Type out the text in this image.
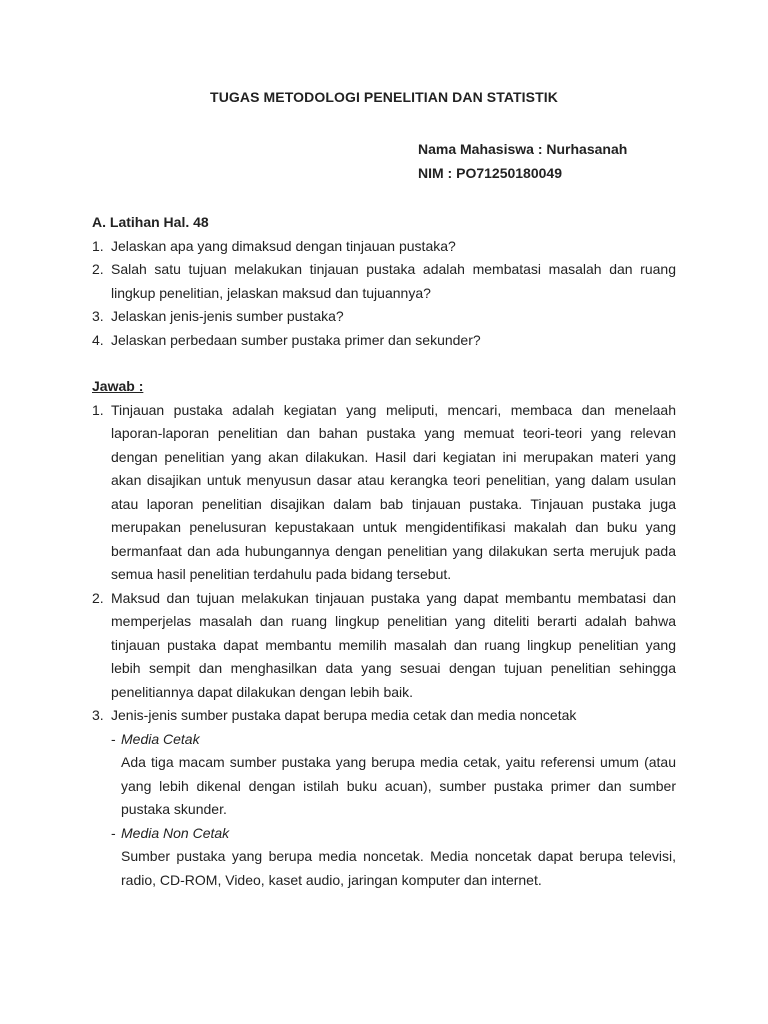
TUGAS METODOLOGI PENELITIAN DAN STATISTIK
Nama Mahasiswa : Nurhasanah
NIM : PO71250180049
A. Latihan Hal. 48
1. Jelaskan apa yang dimaksud dengan tinjauan pustaka?
2. Salah satu tujuan melakukan tinjauan pustaka adalah membatasi masalah dan ruang lingkup penelitian, jelaskan maksud dan tujuannya?
3. Jelaskan jenis-jenis sumber pustaka?
4. Jelaskan perbedaan sumber pustaka primer dan sekunder?
Jawab :
1. Tinjauan pustaka adalah kegiatan yang meliputi, mencari, membaca dan menelaah laporan-laporan penelitian dan bahan pustaka yang memuat teori-teori yang relevan dengan penelitian yang akan dilakukan. Hasil dari kegiatan ini merupakan materi yang akan disajikan untuk menyusun dasar atau kerangka teori penelitian, yang dalam usulan atau laporan penelitian disajikan dalam bab tinjauan pustaka. Tinjauan pustaka juga merupakan penelusuran kepustakaan untuk mengidentifikasi makalah dan buku yang bermanfaat dan ada hubungannya dengan penelitian yang dilakukan serta merujuk pada semua hasil penelitian terdahulu pada bidang tersebut.
2. Maksud dan tujuan melakukan tinjauan pustaka yang dapat membantu membatasi dan memperjelas masalah dan ruang lingkup penelitian yang diteliti berarti adalah bahwa tinjauan pustaka dapat membantu memilih masalah dan ruang lingkup penelitian yang lebih sempit dan menghasilkan data yang sesuai dengan tujuan penelitian sehingga penelitiannya dapat dilakukan dengan lebih baik.
3. Jenis-jenis sumber pustaka dapat berupa media cetak dan media noncetak
- Media Cetak
Ada tiga macam sumber pustaka yang berupa media cetak, yaitu referensi umum (atau yang lebih dikenal dengan istilah buku acuan), sumber pustaka primer dan sumber pustaka skunder.
- Media Non Cetak
Sumber pustaka yang berupa media noncetak. Media noncetak dapat berupa televisi, radio, CD-ROM, Video, kaset audio, jaringan komputer dan internet.
